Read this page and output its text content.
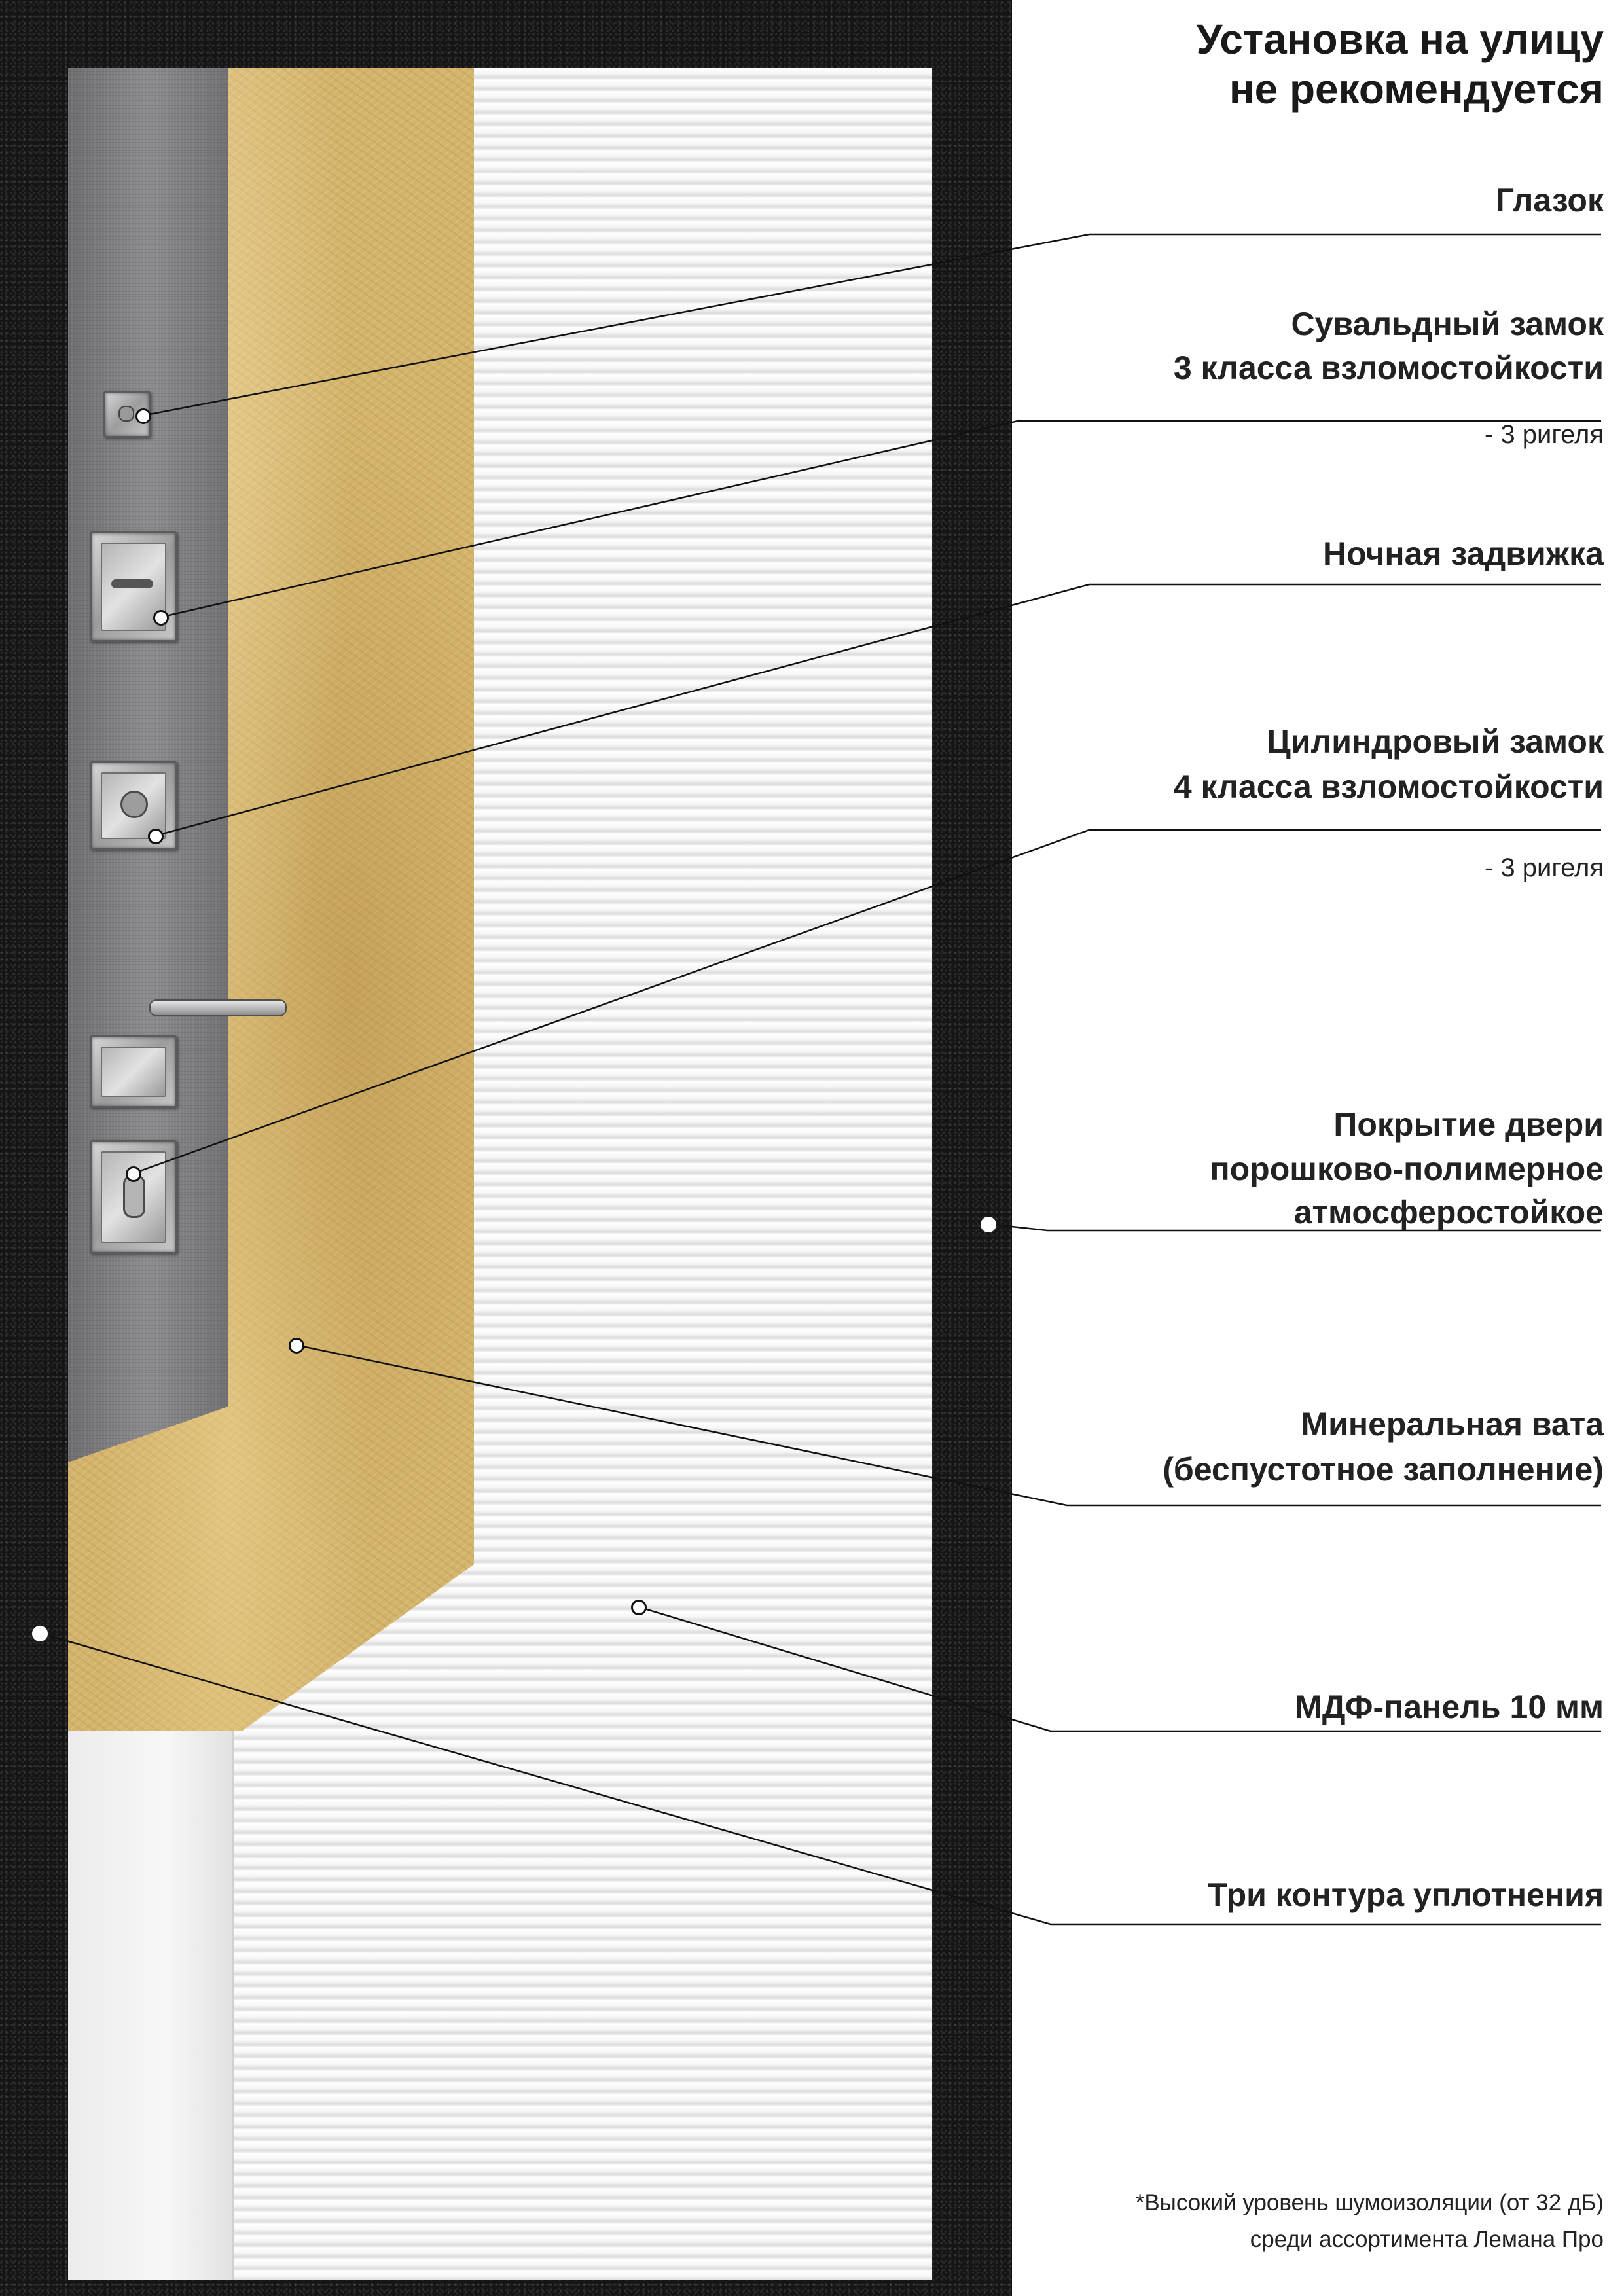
Установка на улицу
не рекомендуется
Глазок
Сувальдный замок
3 класса взломостойкости
- 3 ригеля
Ночная задвижка
Цилиндровый замок
4 класса взломостойкости
- 3 ригеля
Покрытие двери
порошково-полимерное
атмосферостойкое
Минеральная вата
(беспустотное заполнение)
МДФ-панель 10 мм
Три контура уплотнения
*Высокий уровень шумоизоляции (от 32 дБ)
среди ассортимента Лемана Про
